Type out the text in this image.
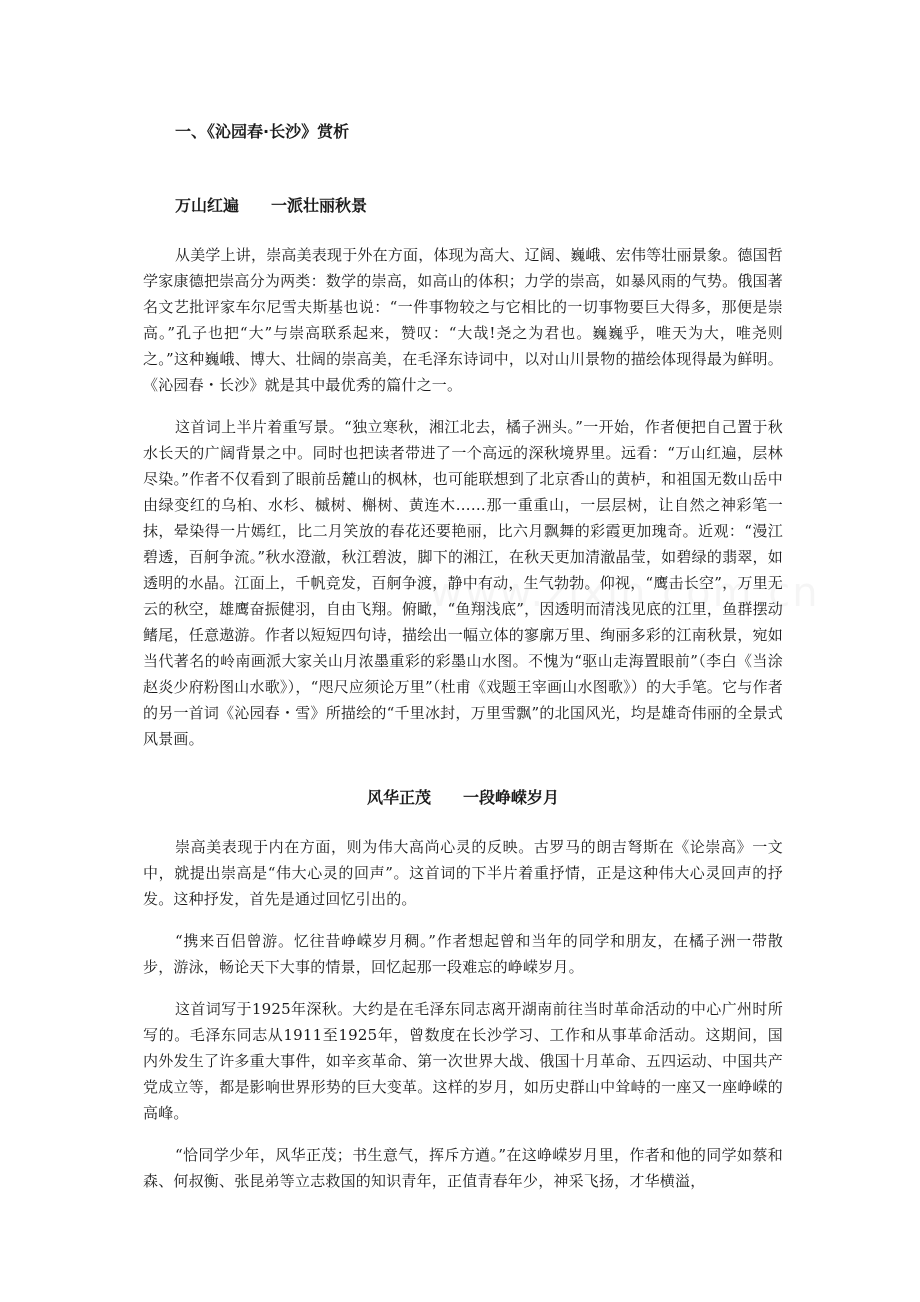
一、《沁园春·长沙》赏析
万山红遍　　一派壮丽秋景

从美学上讲，崇高美表现于外在方面，体现为高大、辽阔、巍峨、宏伟等壮丽景象。德国哲学家康德把崇高分为两类：数学的崇高，如高山的体积；力学的崇高，如暴风雨的气势。俄国著名文艺批评家车尔尼雪夫斯基也说：“一件事物较之与它相比的一切事物要巨大得多，那便是崇高。”孔子也把“大”与崇高联系起来，赞叹：“大哉!尧之为君也。巍巍乎，唯天为大，唯尧则之。”这种巍峨、博大、壮阔的崇高美，在毛泽东诗词中，以对山川景物的描绘体现得最为鲜明。《沁园春・长沙》就是其中最优秀的篇什之一。

这首词上半片着重写景。“独立寒秋，湘江北去，橘子洲头。”一开始，作者便把自己置于秋水长天的广阔背景之中。同时也把读者带进了一个高远的深秋境界里。远看：“万山红遍，层林尽染。”作者不仅看到了眼前岳麓山的枫林，也可能联想到了北京香山的黄栌，和祖国无数山岳中由绿变红的乌桕、水杉、槭树、槲树、黄连木……那一重重山，一层层树，让自然之神彩笔一抹，晕染得一片嫣红，比二月笑放的春花还要艳丽，比六月飘舞的彩霞更加瑰奇。近观：“漫江碧透，百舸争流。”秋水澄澈，秋江碧波，脚下的湘江，在秋天更加清澈晶莹，如碧绿的翡翠，如透明的水晶。江面上，千帆竞发，百舸争渡，静中有动，生气勃勃。仰视，“鹰击长空”，万里无云的秋空，雄鹰奋振健羽，自由飞翔。俯瞰，“鱼翔浅底”，因透明而清浅见底的江里，鱼群摆动鳍尾，任意遨游。作者以短短四句诗，描绘出一幅立体的寥廓万里、绚丽多彩的江南秋景，宛如当代著名的岭南画派大家关山月浓墨重彩的彩墨山水图。不愧为“驱山走海置眼前”（李白《当涂赵炎少府粉图山水歌》），“咫尺应须论万里”（杜甫《戏题王宰画山水图歌》）的大手笔。它与作者的另一首词《沁园春・雪》所描绘的“千里冰封，万里雪飘”的北国风光，均是雄奇伟丽的全景式风景画。

风华正茂　　一段峥嵘岁月

崇高美表现于内在方面，则为伟大高尚心灵的反映。古罗马的朗吉弩斯在《论崇高》一文中，就提出崇高是“伟大心灵的回声”。这首词的下半片着重抒情，正是这种伟大心灵回声的抒发。这种抒发，首先是通过回忆引出的。

“携来百侣曾游。忆往昔峥嵘岁月稠。”作者想起曾和当年的同学和朋友，在橘子洲一带散步，游泳，畅论天下大事的情景，回忆起那一段难忘的峥嵘岁月。

这首词写于1925年深秋。大约是在毛泽东同志离开湖南前往当时革命活动的中心广州时所写的。毛泽东同志从1911至1925年，曾数度在长沙学习、工作和从事革命活动。这期间，国内外发生了许多重大事件，如辛亥革命、第一次世界大战、俄国十月革命、五四运动、中国共产党成立等，都是影响世界形势的巨大变革。这样的岁月，如历史群山中耸峙的一座又一座峥嵘的高峰。

“恰同学少年，风华正茂；书生意气，挥斥方遒。”在这峥嵘岁月里，作者和他的同学如蔡和森、何叔衡、张昆弟等立志救国的知识青年，正值青春年少，神采飞扬，才华横溢，
